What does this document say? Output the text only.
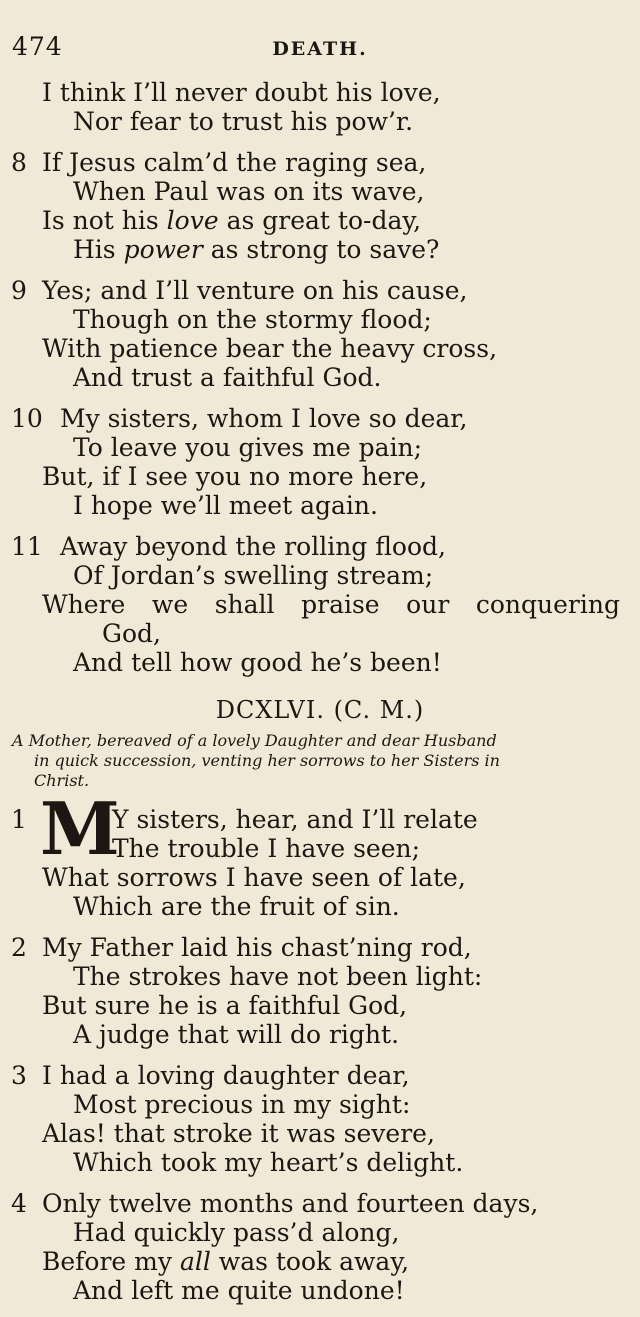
474	DEATH.
I think I’ll never doubt his love,
Nor fear to trust his pow’r.
8 If Jesus calm’d the raging sea,
When Paul was on its wave,
Is not his love as great to-day,
His power as strong to save?
9 Yes; and I’ll venture on his cause,
Though on the stormy flood;
With patience bear the heavy cross,
And trust a faithful God.
10 My sisters, whom I love so dear,
To leave you gives me pain;
But, if I see you no more here,
I hope we’ll meet again.
11 Away beyond the rolling flood,
Of Jordan’s swelling stream;
Where we shall praise our conquering
God,
And tell how good he’s been!
DCXLVI. (C. M.)
A Mother, bereaved of a lovely Daughter and dear Husband
in quick succession, venting her sorrows to her Sisters in
Christ.
1 M
Y sisters, hear, and I’ll relate
The trouble I have seen;
What sorrows I have seen of late,
Which are the fruit of sin.
2 My Father laid his chast’ning rod,
The strokes have not been light:
But sure he is a faithful God,
A judge that will do right.
3 I had a loving daughter dear,
Most precious in my sight:
Alas! that stroke it was severe,
Which took my heart’s delight.
4 Only twelve months and fourteen days,
Had quickly pass’d along,
Before my all was took away,
And left me quite undone!
